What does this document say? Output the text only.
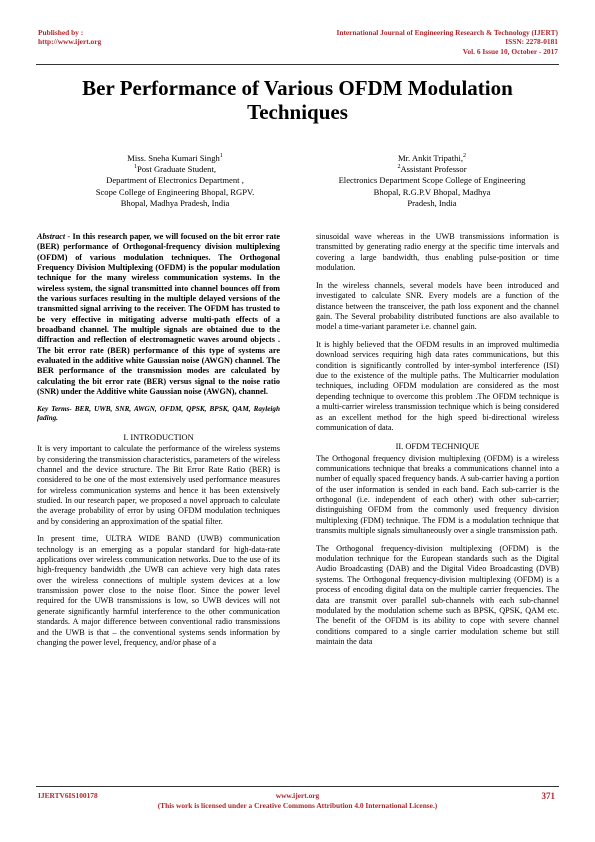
Published by :
http://www.ijert.org
International Journal of Engineering Research & Technology (IJERT)
ISSN: 2278-0181
Vol. 6 Issue 10, October - 2017
Ber Performance of Various OFDM Modulation
Techniques
Miss. Sneha Kumari Singh$^1$
$^1$Post Graduate Student,
Department of Electronics Department ,
Scope College of Engineering Bhopal, RGPV.
Bhopal, Madhya Pradesh, India
Mr. Ankit Tripathi,$^2$
$^2$Assistant Professor
Electronics Department Scope College of Engineering
Bhopal, R.G.P.V Bhopal, Madhya
Pradesh, India

Abstract - In this research paper, we will focused on the bit error rate (BER) performance of Orthogonal-frequency division multiplexing (OFDM) of various modulation techniques. The Orthogonal Frequency Division Multiplexing (OFDM) is the popular modulation technique for the many wireless communication systems. In the wireless system, the signal transmitted into channel bounces off from the various surfaces resulting in the multiple delayed versions of the transmitted signal arriving to the receiver. The OFDM has trusted to be very effective in mitigating adverse multi-path effects of a broadband channel. The multiple signals are obtained due to the diffraction and reflection of electromagnetic waves around objects . The bit error rate (BER) performance of this type of systems are evaluated in the additive white Gaussian noise (AWGN) channel. The BER performance of the transmission modes are calculated by calculating the bit error rate (BER) versus signal to the noise ratio (SNR) under the Additive white Gaussian noise (AWGN), channel.

Key Terms- BER, UWB, SNR, AWGN, OFDM, QPSK, BPSK, QAM, Rayleigh fading.

I. INTRODUCTION

It is very important to calculate the performance of the wireless systems by considering the transmission characteristics, parameters of the wireless channel and the device structure. The Bit Error Rate Ratio (BER) is considered to be one of the most extensively used performance measures for wireless communication systems and hence it has been extensively studied. In our research paper, we proposed a novel approach to calculate the average probability of error by using OFDM modulation techniques and by considering an approximation of the spatial filter.

In present time, ULTRA WIDE BAND (UWB) communication technology is an emerging as a popular standard for high-data-rate applications over wireless communication networks. Due to the use of its high-frequency bandwidth ,the UWB can achieve very high data rates over the wireless connections of multiple system devices at a low transmission power close to the noise floor. Since the power level required for the UWB transmissions is low, so UWB devices will not generate significantly harmful interference to the other communication standards. A major difference between conventional radio transmissions and the UWB is that – the conventional systems sends information by changing the power level, frequency, and/or phase of a

sinusoidal wave whereas in the UWB transmissions information is transmitted by generating radio energy at the specific time intervals and covering a large bandwidth, thus enabling pulse-position or time modulation.

In the wireless channels, several models have been introduced and investigated to calculate SNR. Every models are a function of the distance between the transceiver, the path loss exponent and the channel gain. The Several probability distributed functions are also available to model a time-variant parameter i.e. channel gain.

It is highly believed that the OFDM results in an improved multimedia download services requiring high data rates communications, but this condition is significantly controlled by inter-symbol interference (ISI) due to the existence of the multiple paths. The Multicarrier modulation techniques, including OFDM modulation are considered as the most depending technique to overcome this problem .The OFDM technique is a multi-carrier wireless transmission technique which is being considered as an excellent method for the high speed bi-directional wireless communication of data.

II. OFDM TECHNIQUE

The Orthogonal frequency division multiplexing (OFDM) is a wireless communications technique that breaks a communications channel into a number of equally spaced frequency bands. A sub-carrier having a portion of the user information is sended in each band. Each sub-carrier is the orthogonal (i.e. independent of each other) with other sub-carrier; distinguishing OFDM from the commonly used frequency division multiplexing (FDM) technique. The FDM is a modulation technique that transmits multiple signals simultaneously over a single transmission path.

The Orthogonal frequency-division multiplexing (OFDM) is the modulation technique for the European standards such as the Digital Audio Broadcasting (DAB) and the Digital Video Broadcasting (DVB) systems. The Orthogonal frequency-division multiplexing (OFDM) is a process of encoding digital data on the multiple carrier frequencies. The data are transmit over parallel sub-channels with each sub-channel modulated by the modulation scheme such as BPSK, QPSK, QAM etc. The benefit of the OFDM is its ability to cope with severe channel conditions compared to a single carrier modulation scheme but still maintain the data

IJERTV6IS100178	www.ijert.org
(This work is licensed under a Creative Commons Attribution 4.0 International License.)
371
